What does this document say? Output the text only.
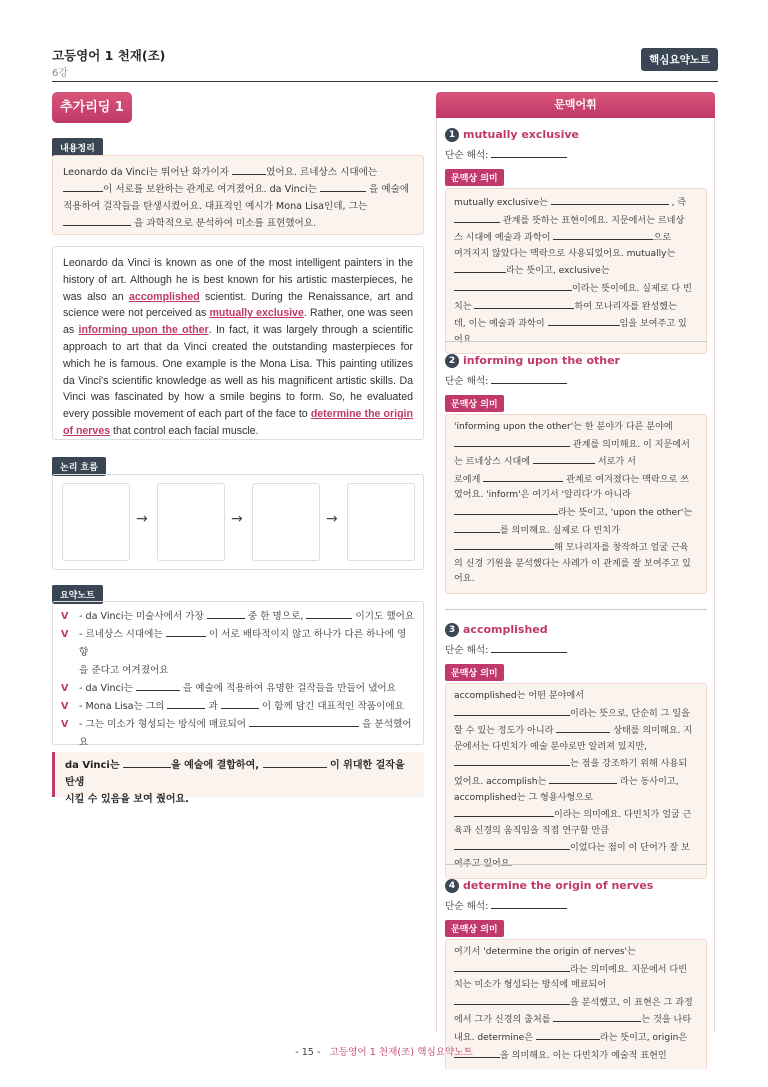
고등영어 1 천재(조)
6강
핵심요약노트
추가리딩 1
내용정리
Leonardo da Vinci는 뛰어난 화가이자	였어요. 르네상스 시대에는
이 서로를 보완하는 관계로 여겨졌어요. da Vinci는	을 예술에
적용하여 걸작들을 탄생시켰어요. 대표적인 예시가 Mona Lisa인데, 그는
을 과학적으로 분석하여 미소를 표현했어요.
Leonardo da Vinci is known as one of the most intelligent painters in the history of art. Although he is best known for his artistic masterpieces, he was also an accomplished scientist. During the Renaissance, art and science were not perceived as mutually exclusive. Rather, one was seen as informing upon the other. In fact, it was largely through a scientific approach to art that da Vinci created the outstanding masterpieces for which he is famous. One example is the Mona Lisa. This painting utilizes da Vinci's scientific knowledge as well as his magnificent artistic skills. Da Vinci was fascinated by how a smile begins to form. So, he evaluated every possible movement of each part of the face to determine the origin of nerves that control each facial muscle.
논리 흐름
→	→	→
요약노트
V - da Vinci는 미술사에서 가장	중 한 명으로,	이기도 했어요
V - 르네상스 시대에는	이 서로 배타적이지 않고 하나가 다른 하나에 영향
을 준다고 여겨졌어요
V - da Vinci는	을 예술에 적용하여 유명한 걸작들을 만들어 냈어요
V - Mona Lisa는 그의	과	이 함께 담긴 대표적인 작품이에요
V - 그는 미소가 형성되는 방식에 매료되어	을 분석했어
요
da Vinci는	을 예술에 결합하여,	이 위대한 걸작을 탄생
시킬 수 있음을 보여 줬어요.
문맥어휘
1 mutually exclusive
단순 해석:
문맥상 의미
mutually exclusive는	, 즉
관계를 뜻하는 표현이에요. 지문에서는 르네상
스 시대에 예술과 과학이	으로
여겨지지 않았다는 맥락으로 사용되었어요. mutually는
라는 뜻이고, exclusive는
이라는 뜻이에요. 실제로 다 빈
치는	하여 모나리자를 완성했는
데, 이는 예술과 과학이	임을 보여주고 있
어요.
2 informing upon the other
단순 해석:
문맥상 의미
'informing upon the other'는 한 분야가 다른 분야에
관계를 의미해요. 이 지문에서
는 르네상스 시대에	서로가 서
로에게	관계로 여겨졌다는 맥락으로 쓰
였어요. 'inform'은 여기서 '알리다'가 아니라
라는 뜻이고, 'upon the other'는
를 의미해요. 실제로 다 빈치가
해 모나리자를 창작하고 얼굴 근육
의 신경 기원을 분석했다는 사례가 이 관계를 잘 보여주고 있
어요.
3 accomplished
단순 해석:
문맥상 의미
accomplished는 어떤 분야에서
이라는 뜻으로, 단순히 그 일을
할 수 있는 정도가 아니라	상태를 의미해요. 지
문에서는 다빈치가 예술 분야로만 알려져 있지만,
는 점을 강조하기 위해 사용되
었어요. accomplish는	라는 동사이고,
accomplished는 그 형용사형으로
이라는 의미예요. 다빈치가 얼굴 근
육과 신경의 움직임을 직접 연구할 만큼
이었다는 점이 이 단어가 잘 보
여주고 있어요.
4 determine the origin of nerves
단순 해석:
문맥상 의미
여기서 'determine the origin of nerves'는
라는 의미예요. 지문에서 다빈
치는 미소가 형성되는 방식에 매료되어
을 분석했고, 이 표현은 그 과정
에서 그가 신경의 출처를	는 것을 나타
내요. determine은	라는 뜻이고, origin은
을 의미해요. 이는 다빈치가 예술적 표현인
- 15 - 고등영어 1 천재(조) 핵심요약노트
